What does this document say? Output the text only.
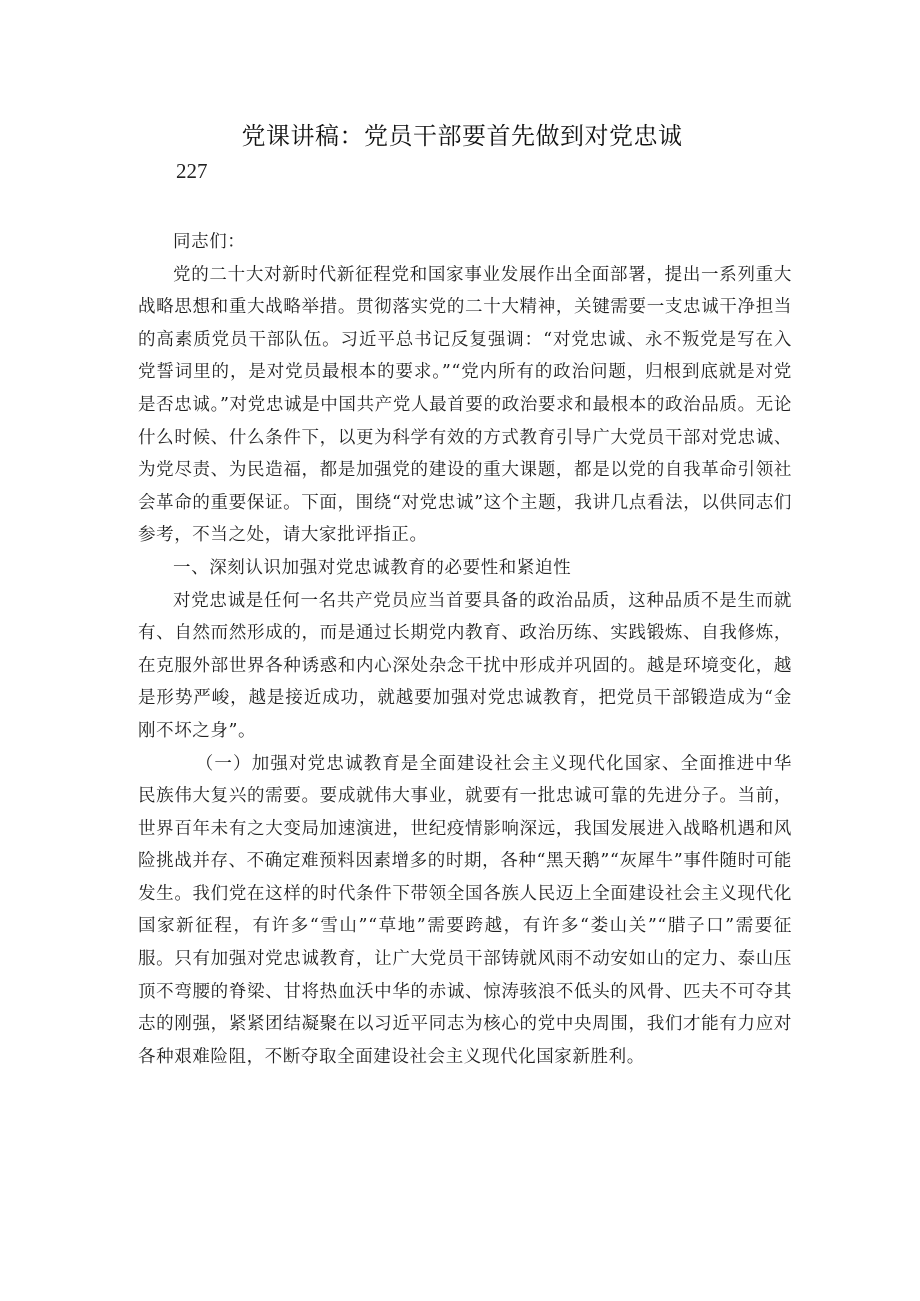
党课讲稿：党员干部要首先做到对党忠诚
227

同志们：

党的二十大对新时代新征程党和国家事业发展作出全面部署，提出一系列重大战略思想和重大战略举措。贯彻落实党的二十大精神，关键需要一支忠诚干净担当的高素质党员干部队伍。习近平总书记反复强调：“对党忠诚、永不叛党是写在入党誓词里的，是对党员最根本的要求。”“党内所有的政治问题，归根到底就是对党是否忠诚。”对党忠诚是中国共产党人最首要的政治要求和最根本的政治品质。无论什么时候、什么条件下，以更为科学有效的方式教育引导广大党员干部对党忠诚、为党尽责、为民造福，都是加强党的建设的重大课题，都是以党的自我革命引领社会革命的重要保证。下面，围绕“对党忠诚”这个主题，我讲几点看法，以供同志们参考，不当之处，请大家批评指正。

一、深刻认识加强对党忠诚教育的必要性和紧迫性

对党忠诚是任何一名共产党员应当首要具备的政治品质，这种品质不是生而就有、自然而然形成的，而是通过长期党内教育、政治历练、实践锻炼、自我修炼，在克服外部世界各种诱惑和内心深处杂念干扰中形成并巩固的。越是环境变化，越是形势严峻，越是接近成功，就越要加强对党忠诚教育，把党员干部锻造成为“金刚不坏之身”。

（一）加强对党忠诚教育是全面建设社会主义现代化国家、全面推进中华民族伟大复兴的需要。要成就伟大事业，就要有一批忠诚可靠的先进分子。当前，世界百年未有之大变局加速演进，世纪疫情影响深远，我国发展进入战略机遇和风险挑战并存、不确定难预料因素增多的时期，各种“黑天鹅”“灰犀牛”事件随时可能发生。我们党在这样的时代条件下带领全国各族人民迈上全面建设社会主义现代化国家新征程，有许多“雪山”“草地”需要跨越，有许多“娄山关”“腊子口”需要征服。只有加强对党忠诚教育，让广大党员干部铸就风雨不动安如山的定力、泰山压顶不弯腰的脊梁、甘将热血沃中华的赤诚、惊涛骇浪不低头的风骨、匹夫不可夺其志的刚强，紧紧团结凝聚在以习近平同志为核心的党中央周围，我们才能有力应对各种艰难险阻，不断夺取全面建设社会主义现代化国家新胜利。
